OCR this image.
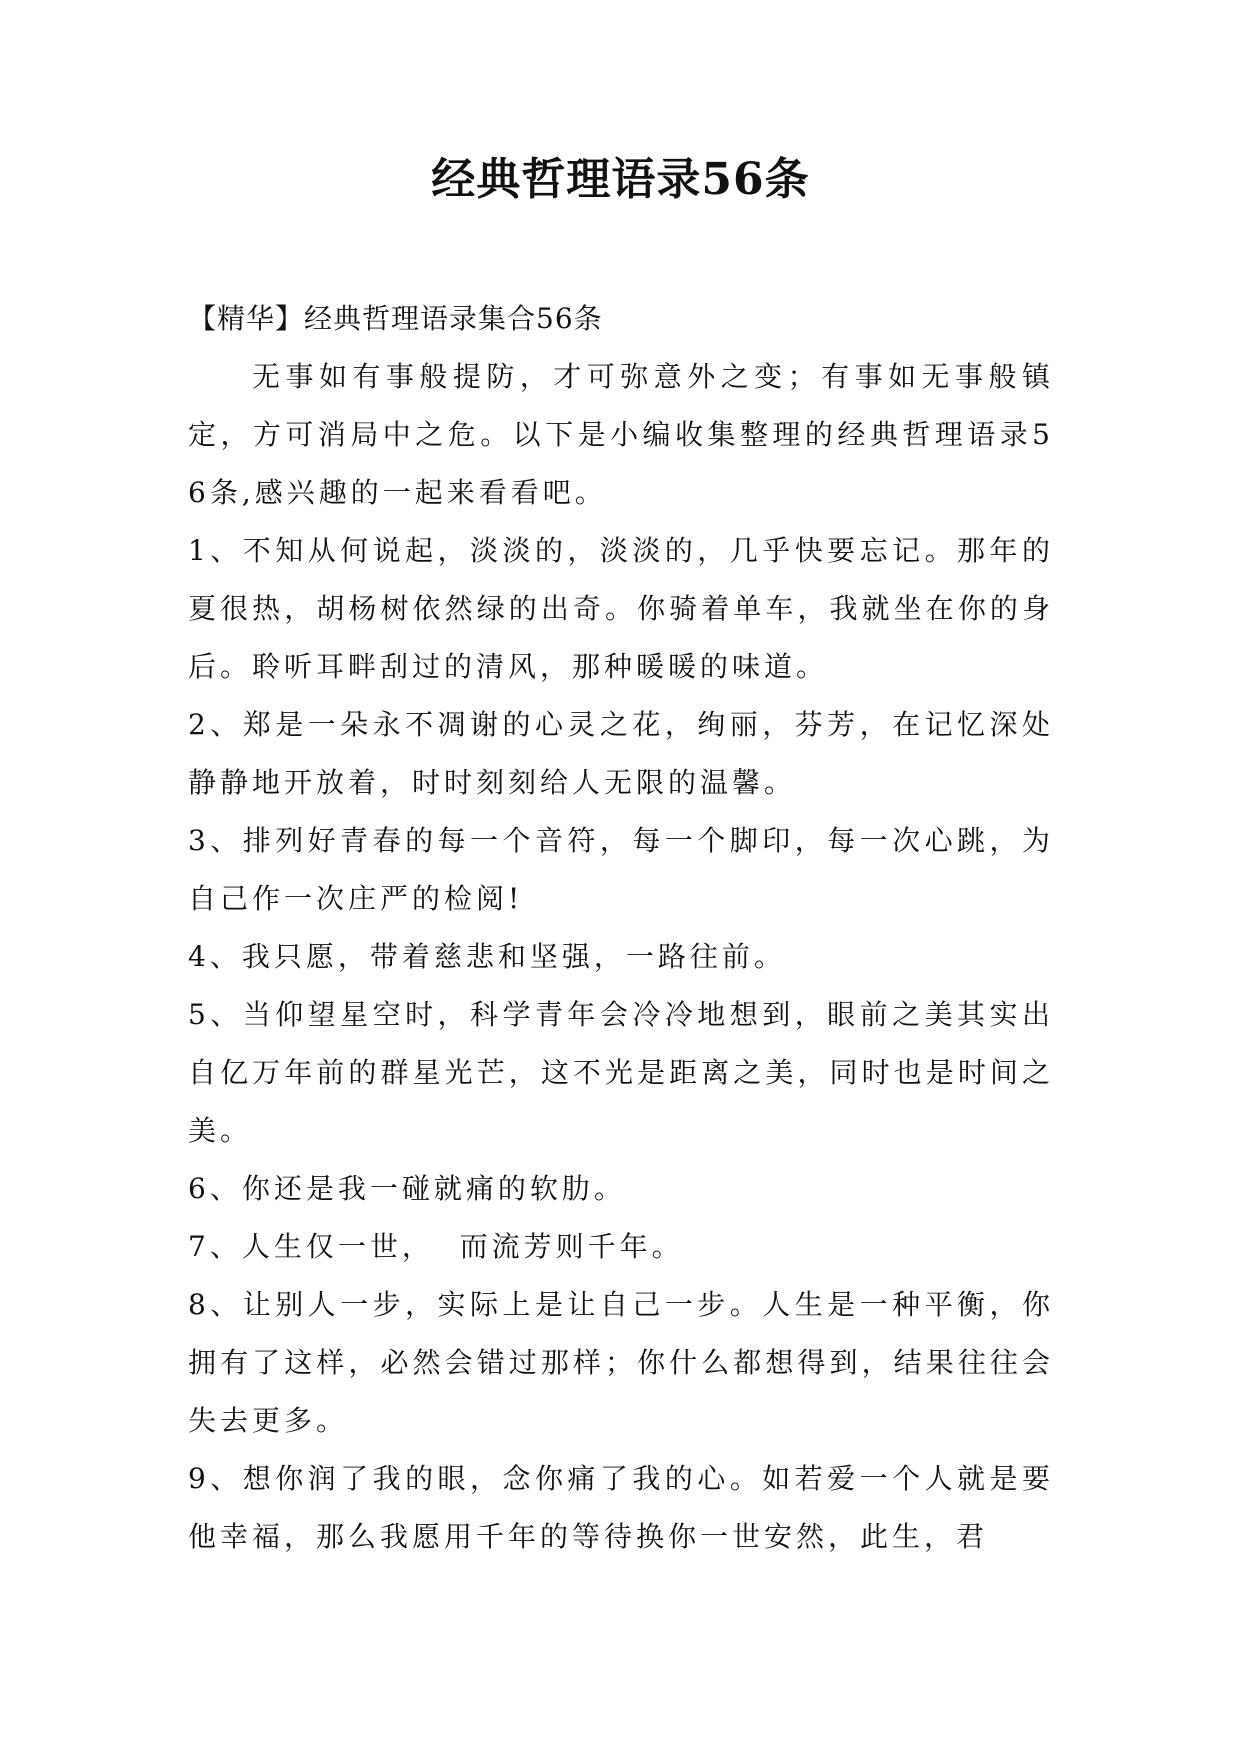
经典哲理语录56条

【精华】经典哲理语录集合56条

无事如有事般提防，才可弥意外之变；有事如无事般镇定，方可消局中之危。以下是小编收集整理的经典哲理语录56条,感兴趣的一起来看看吧。

1、不知从何说起，淡淡的，淡淡的，几乎快要忘记。那年的夏很热，胡杨树依然绿的出奇。你骑着单车，我就坐在你的身后。聆听耳畔刮过的清风，那种暖暖的味道。

2、郑是一朵永不凋谢的心灵之花，绚丽，芬芳，在记忆深处静静地开放着，时时刻刻给人无限的温馨。

3、排列好青春的每一个音符，每一个脚印，每一次心跳，为自己作一次庄严的检阅!

4、我只愿，带着慈悲和坚强，一路往前。

5、当仰望星空时，科学青年会冷冷地想到，眼前之美其实出自亿万年前的群星光芒，这不光是距离之美，同时也是时间之美。

6、你还是我一碰就痛的软肋。

7、人生仅一世，  而流芳则千年。

8、让别人一步，实际上是让自己一步。人生是一种平衡，你拥有了这样，必然会错过那样；你什么都想得到，结果往往会失去更多。

9、想你润了我的眼，念你痛了我的心。如若爱一个人就是要他幸福，那么我愿用千年的等待换你一世安然，此生，君
